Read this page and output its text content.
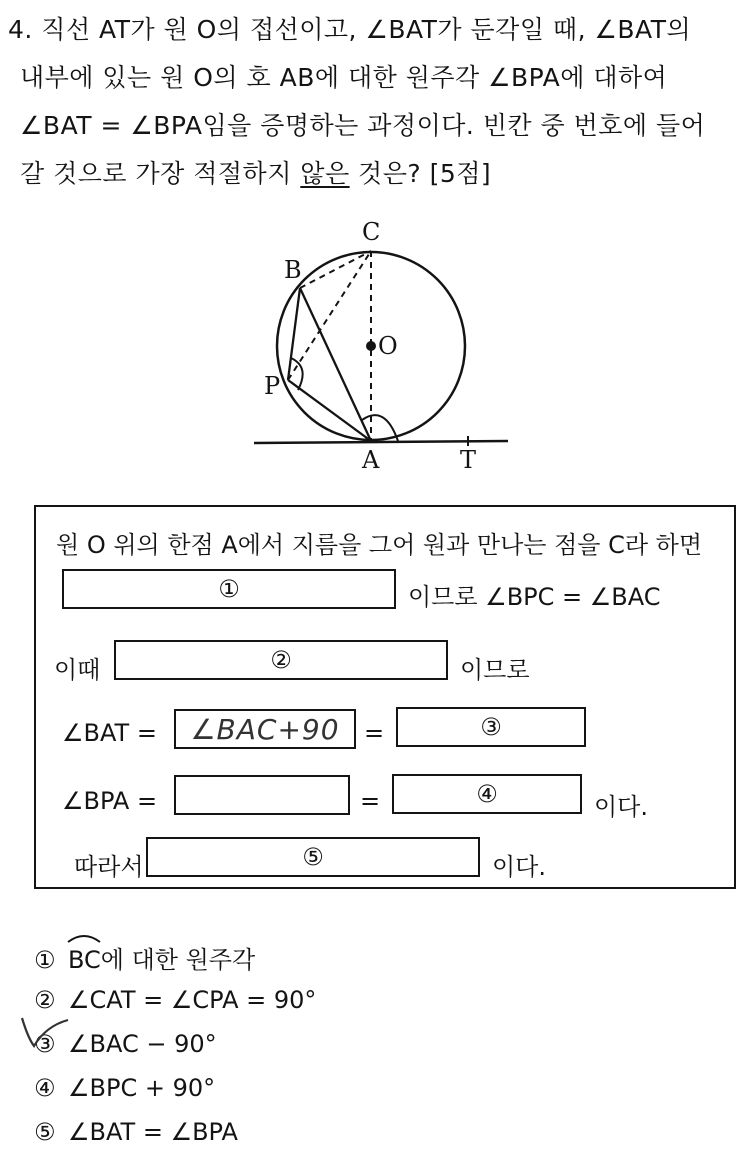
4. 직선 AT가 원 O의 접선이고, ∠BAT가 둔각일 때, ∠BAT의
내부에 있는 원 O의 호 AB에 대한 원주각 ∠BPA에 대하여
∠BAT = ∠BPA임을 증명하는 과정이다. 빈칸 중 번호에 들어
갈 것으로 가장 적절하지 않은 것은? [5점]
C
B
O
P
A	T
원 O 위의 한점 A에서 지름을 그어 원과 만나는 점을 C라 하면
①	이므로 ∠BPC = ∠BAC
이때	②	이므로
∠BAT = ∠BAC+90 =	③
∠BPA =	=	④	이다.
따라서	⑤	이다.
① BC에 대한 원주각
② ∠CAT = ∠CPA = 90°
③ ∠BAC − 90°
④ ∠BPC + 90°
⑤ ∠BAT = ∠BPA
